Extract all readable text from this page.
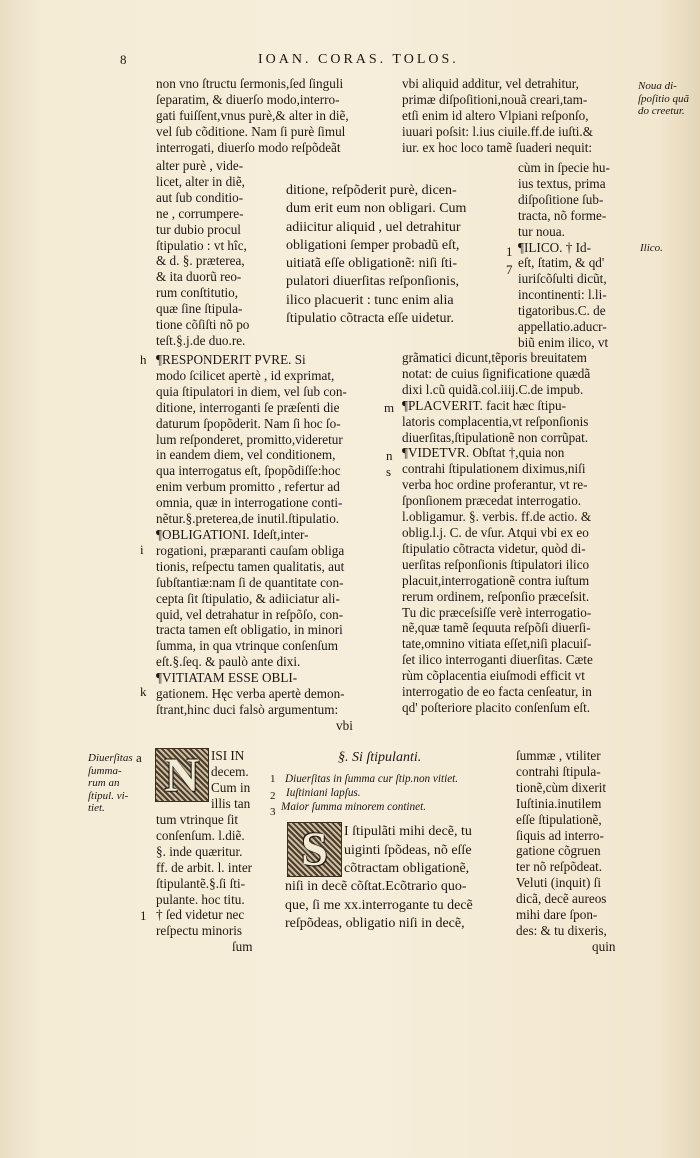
8	IOAN. CORAS. TOLOS.
Noua di-
ſpoſitio quã
do creetur.
Ilico.
non vno ſtructu ſermonis,ſed ſinguli
ſeparatim, & diuerſo modo,interro-
gati fuiſſent,vnus purè,& alter in diẽ,
vel ſub cõditione. Nam ſi purè ſimul
interrogati, diuerſo modo reſpõdeãt
vbi aliquid additur, vel detrahitur,
primæ diſpoſitioni,nouã creari,tam-
etſi enim id altero Vlpiani reſponſo,
iuuari poſsit: l.ius ciuile.ff.de iuſti.&
iur. ex hoc loco tamẽ ſuaderi nequit:
alter purè , vide-
licet, alter in diẽ,
aut ſub conditio-
ne , corrumpere-
tur dubio procul
ſtipulatio : vt hîc,
& d. §. præterea,
& ita duorũ reo-
rum conſtitutio,
quæ ſine ſtipula-
tione cõſiſti nõ po
teſt.§.j.de duo.re.
ditione, reſpõderit purè, dicen-
dum erit eum non obligari. Cum
adiicitur aliquid , uel detrahitur
obligationi ſemper probadũ eſt,
uitiatã eſſe obligationẽ: niſi ſti-
pulatori diuerſitas reſponſionis,
ilico placuerit : tunc enim alia
ſtipulatio cõtracta eſſe uidetur.
1
7
cùm in ſpecie hu-
ius textus, prima
diſpoſitione ſub-
tracta, nõ forme-
tur noua.
¶ILICO. † Id-
eſt, ſtatim, & qd'
iuriſcõſulti dicũt,
incontinenti: l.li-
tigatoribus.C. de
appellatio.aducr-
biũ enim ilico, vt
h
i
k
¶RESPONDERIT PVRE. Si
modo ſcilicet apertè , id exprimat,
quia ſtipulatori in diem, vel ſub con-
ditione, interroganti ſe præſenti die
daturum ſpopõderit. Nam ſi hoc ſo-
lum reſponderet, promitto,videretur
in eandem diem, vel conditionem,
qua interrogatus eſt, ſpopõdiſſe:hoc
enim verbum promitto , refertur ad
omnia, quæ in interrogatione conti-
nẽtur.§.preterea,de inutil.ſtipulatio.
¶OBLIGATIONI. Ideſt,inter-
rogationi, præparanti cauſam obliga
tionis, reſpectu tamen qualitatis, aut
ſubſtantiæ:nam ſi de quantitate con-
cepta ſit ſtipulatio, & adiiciatur ali-
quid, vel detrahatur in reſpõſo, con-
tracta tamen eſt obligatio, in minori
ſumma, in qua vtrinque conſenſum
eſt.§.ſeq. & paulò ante dixi.
¶VITIATAM ESSE OBLI-
gationem. Hęc verba apertè demon-
ſtrant,hinc duci falsò argumentum:
vbi
m
n
s
grãmatici dicunt,tẽporis breuitatem
notat: de cuius ſignificatione quædã
dixi l.cũ quidã.col.iiij.C.de impub.
¶PLACVERIT. facit hæc ſtipu-
latoris complacentia,vt reſponſionis
diuerſitas,ſtipulationẽ non corrũpat.
¶VIDETVR. Obſtat †,quia non
contrahi ſtipulationem diximus,niſi
verba hoc ordine proferantur, vt re-
ſponſionem præcedat interrogatio.
l.obligamur. §. verbis. ff.de actio. &
oblig.l.j. C. de vſur. Atqui vbi ex eo
ſtipulatio cõtracta videtur, quòd di-
uerſitas reſponſionis ſtipulatori ilico
placuit,interrogationẽ contra iuſtum
rerum ordinem, reſponſio præceſsit.
Tu dic præceſsiſſe verè interrogatio-
nẽ,quæ tamẽ ſequuta reſpõſi diuerſi-
tate,omnino vitiata eſſet,niſi placuiſ-
ſet ilico interroganti diuerſitas. Cæte
rùm cõplacentia eiuſmodi efficit vt
interrogatio de eo facta cenſeatur, in
qd' poſteriore placito conſenſum eſt.
Diuerſitas
ſumma-
rum an
ſtipul. vi-
tiet.
a N ISI IN
decem.
Cum in
illis tan
1
tum vtrinque ſit
conſenſum. l.diẽ.
§. inde quæritur.
ff. de arbit. l. inter
ſtipulantẽ.§.ſi ſti-
pulante. hoc titu.
† ſed videtur nec
reſpectu minoris
ſum
§. Si ſtipulanti.
1
2
3
Diuerſitas in ſumma cur ſtip.non vitiet.
Iuſtiniani lapſus.
Maior ſumma minorem continet.
S I ſtipulãti mihi decẽ, tu
uiginti ſpõdeas, nõ eſſe
cõtractam obligationẽ,
niſi in decẽ cõſtat.Ecõtrario quo-
que, ſi me xx.interrogante tu decẽ
reſpõdeas, obligatio niſi in decẽ,
ſummæ , vtiliter
contrahi ſtipula-
tionẽ,cùm dixerit
Iuſtinia.inutilem
eſſe ſtipulationẽ,
ſiquis ad interro-
gatione cõgruen
ter nõ reſpõdeat.
Veluti (inquit) ſi
dicã, decẽ aureos
mihi dare ſpon-
des: & tu dixeris,
quin
